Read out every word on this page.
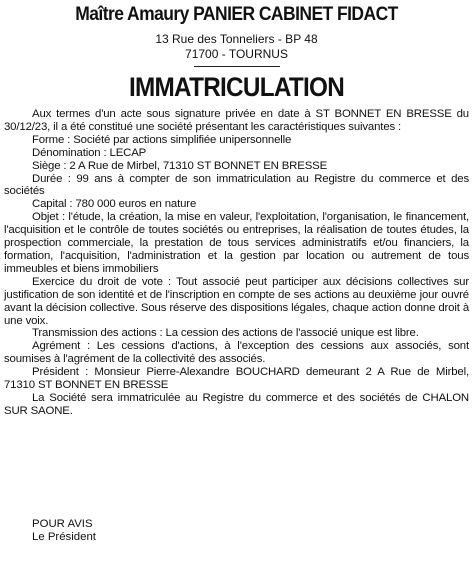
Maître Amaury PANIER CABINET FIDACT
13 Rue des Tonneliers - BP 48
71700 - TOURNUS
IMMATRICULATION

Aux termes d'un acte sous signature privée en date à ST BONNET EN BRESSE du 30/12/23, il a été constitué une société présentant les caractéristiques suivantes :

Forme : Société par actions simplifiée unipersonnelle

Dénomination : LECAP

Siège : 2 A Rue de Mirbel, 71310 ST BONNET EN BRESSE

Durée : 99 ans à compter de son immatriculation au Registre du commerce et des sociétés

Capital : 780 000 euros en nature

Objet : l'étude, la création, la mise en valeur, l'exploitation, l'organisation, le financement, l'acquisition et le contrôle de toutes sociétés ou entreprises, la réalisation de toutes études, la prospection commerciale, la prestation de tous services administratifs et/ou financiers, la formation, l'acquisition, l'administration et la gestion par location ou autrement de tous immeubles et biens immobiliers

Exercice du droit de vote : Tout associé peut participer aux décisions collectives sur justification de son identité et de l'inscription en compte de ses actions au deuxième jour ouvré avant la décision collective. Sous réserve des dispositions légales, chaque action donne droit à une voix.

Transmission des actions : La cession des actions de l'associé unique est libre.

Agrément : Les cessions d'actions, à l'exception des cessions aux associés, sont soumises à l'agrément de la collectivité des associés.

Président : Monsieur Pierre-Alexandre BOUCHARD demeurant 2 A Rue de Mirbel, 71310 ST BONNET EN BRESSE

La Société sera immatriculée au Registre du commerce et des sociétés de CHALON SUR SAONE.

POUR AVIS
Le Président
